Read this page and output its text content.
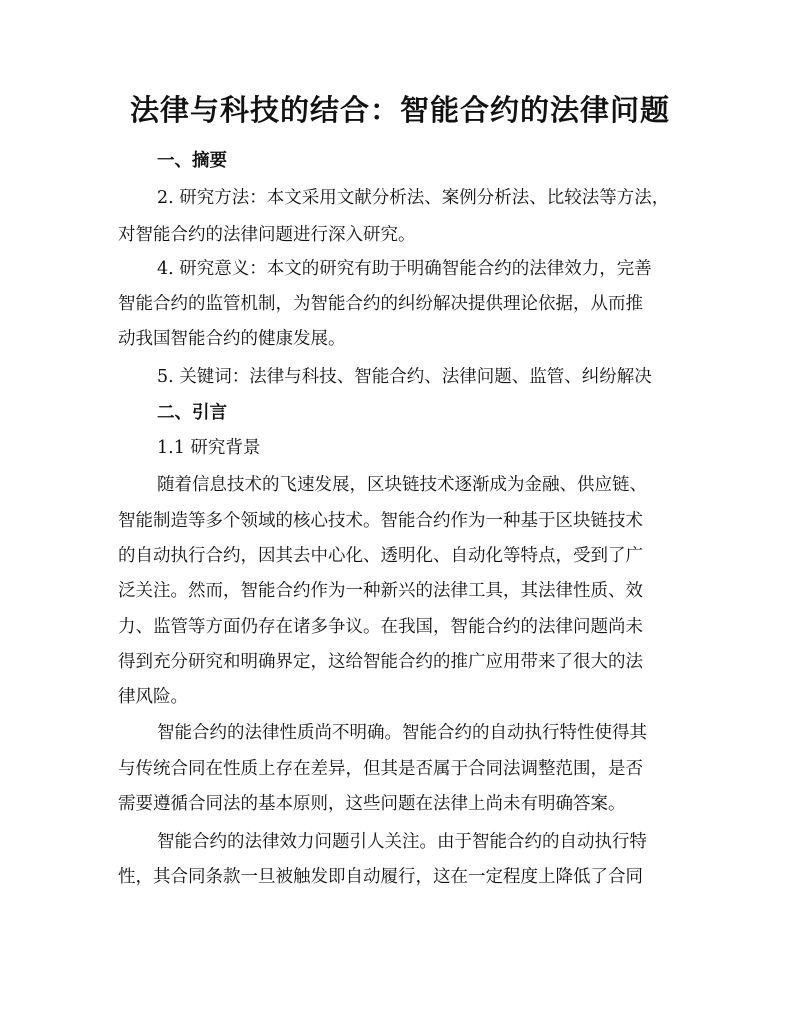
法律与科技的结合：智能合约的法律问题

一、摘要

2. 研究方法：本文采用文献分析法、案例分析法、比较法等方法，

对智能合约的法律问题进行深入研究。

4. 研究意义：本文的研究有助于明确智能合约的法律效力，完善

智能合约的监管机制，为智能合约的纠纷解决提供理论依据，从而推

动我国智能合约的健康发展。

5. 关键词：法律与科技、智能合约、法律问题、监管、纠纷解决

二、引言

1.1 研究背景

随着信息技术的飞速发展，区块链技术逐渐成为金融、供应链、

智能制造等多个领域的核心技术。智能合约作为一种基于区块链技术

的自动执行合约，因其去中心化、透明化、自动化等特点，受到了广

泛关注。然而，智能合约作为一种新兴的法律工具，其法律性质、效

力、监管等方面仍存在诸多争议。在我国，智能合约的法律问题尚未

得到充分研究和明确界定，这给智能合约的推广应用带来了很大的法

律风险。

智能合约的法律性质尚不明确。智能合约的自动执行特性使得其

与传统合同在性质上存在差异，但其是否属于合同法调整范围，是否

需要遵循合同法的基本原则，这些问题在法律上尚未有明确答案。

智能合约的法律效力问题引人关注。由于智能合约的自动执行特

性，其合同条款一旦被触发即自动履行，这在一定程度上降低了合同
